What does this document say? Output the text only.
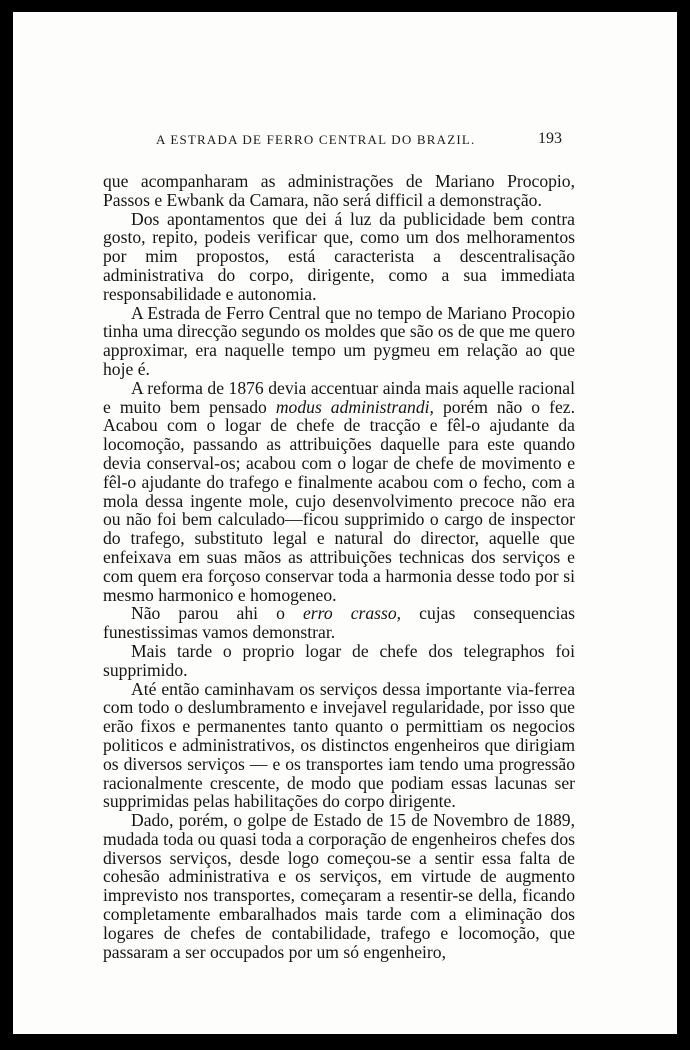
A ESTRADA DE FERRO CENTRAL DO BRAZIL.	193

que acompanharam as administrações de Mariano Procopio, Passos e Ewbank da Camara, não será difficil a demonstração.

Dos apontamentos que dei á luz da publicidade bem contra gosto, repito, podeis verificar que, como um dos melhoramentos por mim propostos, está caracterista a descentralisação administrativa do corpo, dirigente, como a sua immediata responsabilidade e autonomia.

A Estrada de Ferro Central que no tempo de Mariano Procopio tinha uma direcção segundo os moldes que são os de que me quero approximar, era naquelle tempo um pygmeu em relação ao que hoje é.

A reforma de 1876 devia accentuar ainda mais aquelle racional e muito bem pensado modus administrandi, porém não o fez. Acabou com o logar de chefe de tracção e fêl-o ajudante da locomoção, passando as attribuições daquelle para este quando devia conserval-os; acabou com o logar de chefe de movimento e fêl-o ajudante do trafego e finalmente acabou com o fecho, com a mola dessa ingente mole, cujo desenvolvimento precoce não era ou não foi bem calculado—ficou supprimido o cargo de inspector do trafego, substituto legal e natural do director, aquelle que enfeixava em suas mãos as attribuições technicas dos serviços e com quem era forçoso conservar toda a harmonia desse todo por si mesmo harmonico e homogeneo.

Não parou ahi o erro crasso, cujas consequencias funestissimas vamos demonstrar.

Mais tarde o proprio logar de chefe dos telegraphos foi supprimido.

Até então caminhavam os serviços dessa importante via-ferrea com todo o deslumbramento e invejavel regularidade, por isso que erão fixos e permanentes tanto quanto o permittiam os negocios politicos e administrativos, os distinctos engenheiros que dirigiam os diversos serviços — e os transportes iam tendo uma progressão racionalmente crescente, de modo que podiam essas lacunas ser supprimidas pelas habilitações do corpo dirigente.

Dado, porém, o golpe de Estado de 15 de Novembro de 1889, mudada toda ou quasi toda a corporação de engenheiros chefes dos diversos serviços, desde logo começou-se a sentir essa falta de cohesão administrativa e os serviços, em virtude de augmento imprevisto nos transportes, começaram a resentir-se della, ficando completamente embaralhados mais tarde com a eliminação dos logares de chefes de contabilidade, trafego e locomoção, que passaram a ser occupados por um só engenheiro,
